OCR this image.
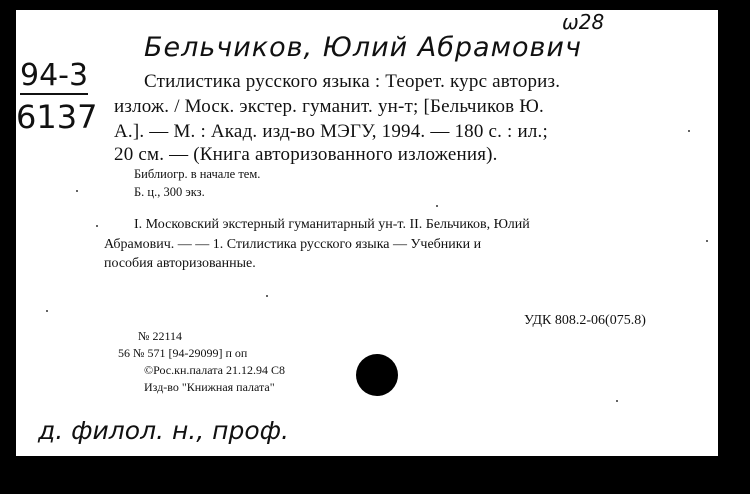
ω28
Бельчиков, Юлий Абрамович
94-3
6137
д. филол. н., проф.
Стилистика русского языка : Теорет. курс авториз.
излож. / Моск. экстер. гуманит. ун-т; [Бельчиков Ю.
А.]. — М. : Акад. изд-во МЭГУ, 1994. — 180 с. : ил.;
20 см. — (Книга авторизованного изложения).
Библиогр. в начале тем.
Б. ц., 300 экз.
I. Московский экстерный гуманитарный ун-т. II. Бельчиков, Юлий
Абрамович. — — 1. Стилистика русского языка — Учебники и
пособия авторизованные.
№ 22114
УДК 808.2-06(075.8)
56 № 571 [94-29099] п оп
©Рос.кн.палата 21.12.94 С8
Изд-во "Книжная палата"
